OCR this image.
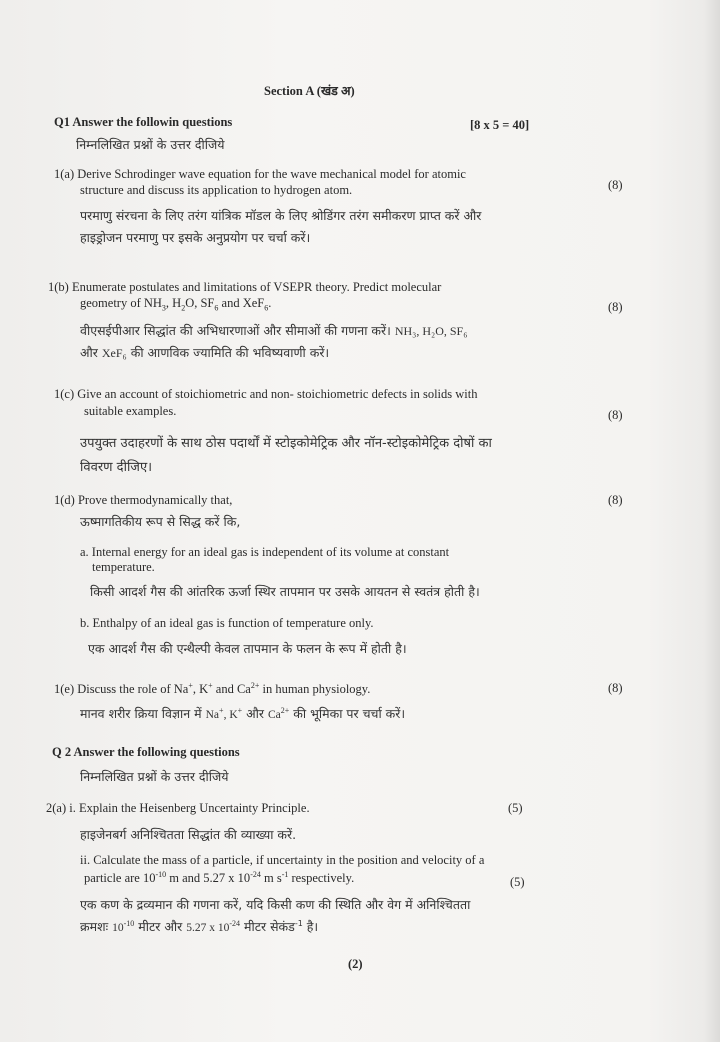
Section A (खंड अ)
Q1 Answer the followin questions	[8 x 5 = 40]
निम्नलिखित प्रश्नों के उत्तर दीजिये
1(a) Derive Schrodinger wave equation for the wave mechanical model for atomic
structure and discuss its application to hydrogen atom.	(8)
परमाणु संरचना के लिए तरंग यांत्रिक मॉडल के लिए श्रोडिंगर तरंग समीकरण प्राप्त करें और
हाइड्रोजन परमाणु पर इसके अनुप्रयोग पर चर्चा करें।
1(b) Enumerate postulates and limitations of VSEPR theory. Predict molecular
geometry of $NH_3$, $H_2O$, $SF_6$ and XeF$_6$.	(8)
वीएसईपीआर सिद्धांत की अभिधारणाओं और सीमाओं की गणना करें। NH₃, H₂O, SF₆
और XeF₆ की आणविक ज्यामिति की भविष्यवाणी करें।
1(c) Give an account of stoichiometric and non- stoichiometric defects in solids with
suitable examples.	(8)
उपयुक्त उदाहरणों के साथ ठोस पदार्थों में स्टोइकोमेट्रिक और नॉन-स्टोइकोमेट्रिक दोषों का
विवरण दीजिए।
1(d) Prove thermodynamically that,	(8)
ऊष्मागतिकीय रूप से सिद्ध करें कि,
a. Internal energy for an ideal gas is independent of its volume at constant
temperature.
किसी आदर्श गैस की आंतरिक ऊर्जा स्थिर तापमान पर उसके आयतन से स्वतंत्र होती है।
b. Enthalpy of an ideal gas is function of temperature only.
एक आदर्श गैस की एन्थैल्पी केवल तापमान के फलन के रूप में होती है।
1(e) Discuss the role of Na+, K+ and $Ca^{2+}$ in human physiology.	(8)
मानव शरीर क्रिया विज्ञान में Na+, K+ और $Ca^{2+}$ की भूमिका पर चर्चा करें।
Q 2 Answer the following questions
निम्नलिखित प्रश्नों के उत्तर दीजिये
2(a) i. Explain the Heisenberg Uncertainty Principle.	(5)
हाइजेनबर्ग अनिश्चितता सिद्धांत की व्याख्या करें.
ii. Calculate the mass of a particle, if uncertainty in the position and velocity of a
particle are $10^{-10}$ m and 5.27 x $10^{-24}$ m $s^{-1}$ respectively.	(5)
एक कण के द्रव्यमान की गणना करें, यदि किसी कण की स्थिति और वेग में अनिश्चितता
क्रमशः $10^{-10}$ मीटर और 5.27 x $10^{-24}$ मीटर सेकंड$^{-1}$ है।
(2)
